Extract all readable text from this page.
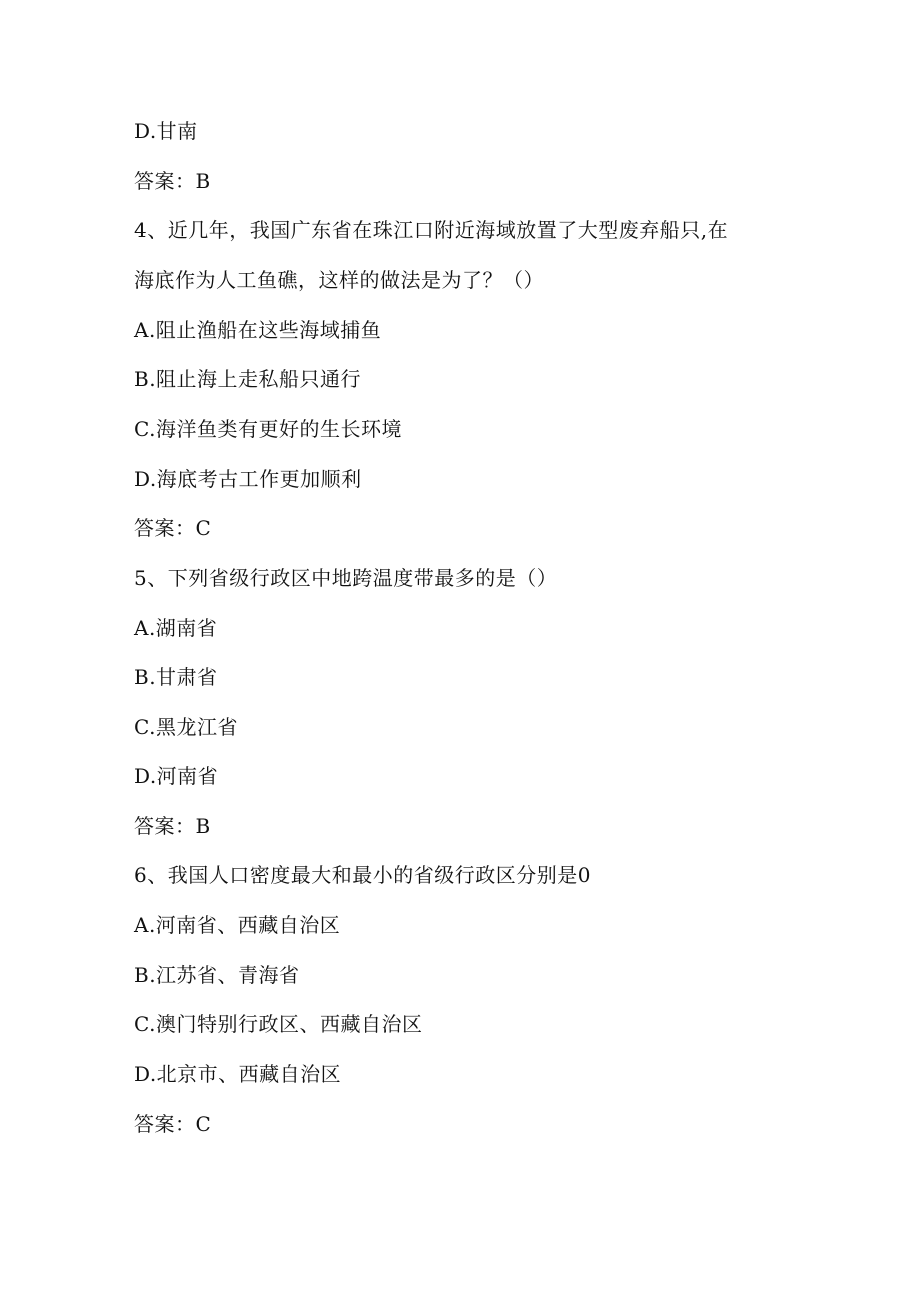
D.甘南
答案：B
4、近几年，我国广东省在珠江口附近海域放置了大型废弃船只,在
海底作为人工鱼礁，这样的做法是为了？（）
A.阻止渔船在这些海域捕鱼
B.阻止海上走私船只通行
C.海洋鱼类有更好的生长环境
D.海底考古工作更加顺利
答案：C
5、下列省级行政区中地跨温度带最多的是（）
A.湖南省
B.甘肃省
C.黑龙江省
D.河南省
答案：B
6、我国人口密度最大和最小的省级行政区分别是0
A.河南省、西藏自治区
B.江苏省、青海省
C.澳门特别行政区、西藏自治区
D.北京市、西藏自治区
答案：C
